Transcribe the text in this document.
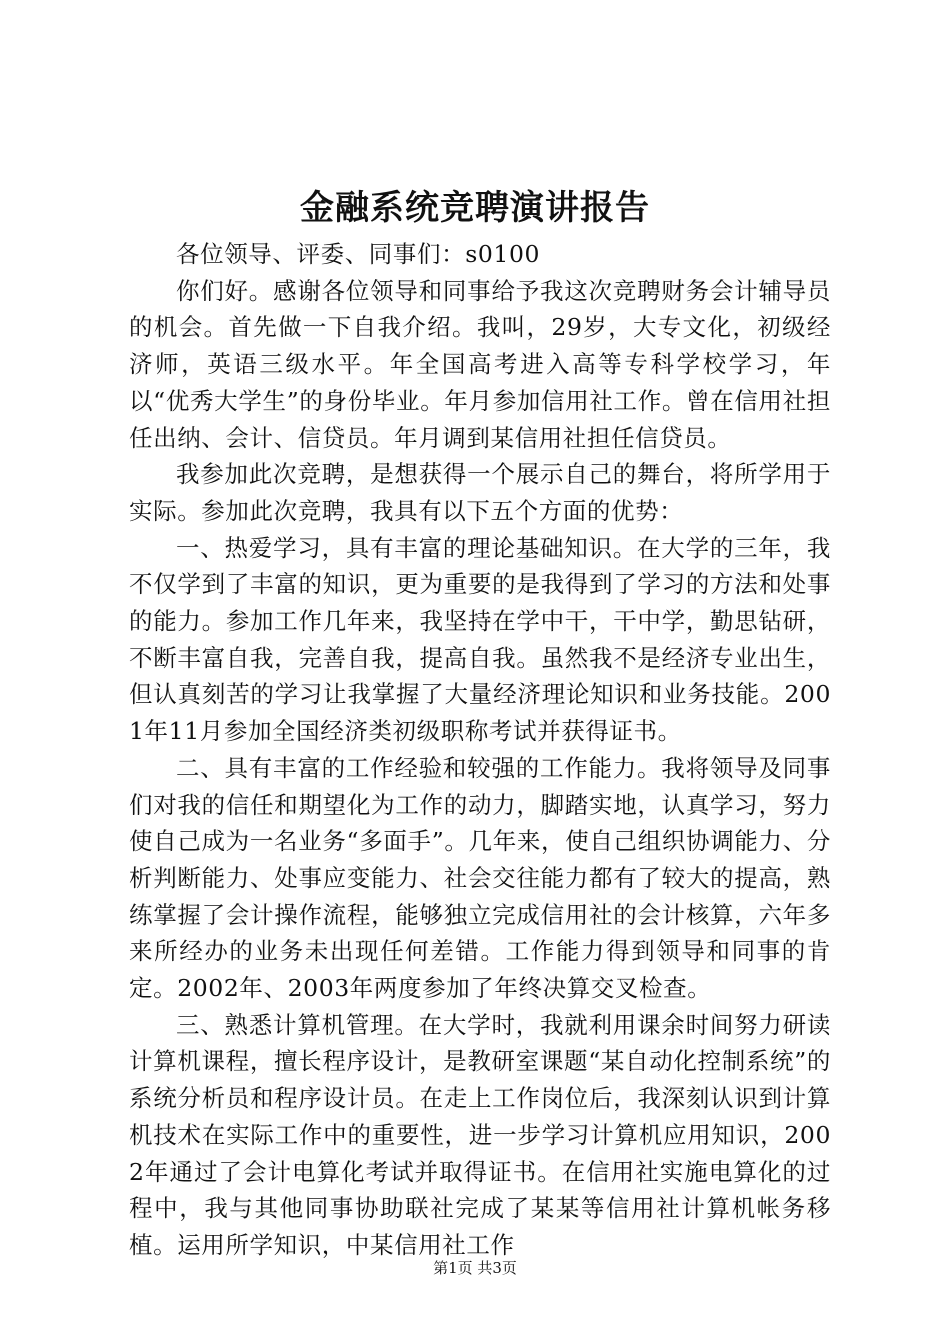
金融系统竞聘演讲报告

各位领导、评委、同事们：s0100

你们好。感谢各位领导和同事给予我这次竞聘财务会计辅导员的机会。首先做一下自我介绍。我叫，29岁，大专文化，初级经济师，英语三级水平。年全国高考进入高等专科学校学习，年以“优秀大学生”的身份毕业。年月参加信用社工作。曾在信用社担任出纳、会计、信贷员。年月调到某信用社担任信贷员。

我参加此次竞聘，是想获得一个展示自己的舞台，将所学用于实际。参加此次竞聘，我具有以下五个方面的优势：

一、热爱学习，具有丰富的理论基础知识。在大学的三年，我不仅学到了丰富的知识，更为重要的是我得到了学习的方法和处事的能力。参加工作几年来，我坚持在学中干，干中学，勤思钻研，不断丰富自我，完善自我，提高自我。虽然我不是经济专业出生，但认真刻苦的学习让我掌握了大量经济理论知识和业务技能。2001年11月参加全国经济类初级职称考试并获得证书。

二、具有丰富的工作经验和较强的工作能力。我将领导及同事们对我的信任和期望化为工作的动力，脚踏实地，认真学习，努力使自己成为一名业务“多面手”。几年来，使自己组织协调能力、分析判断能力、处事应变能力、社会交往能力都有了较大的提高，熟练掌握了会计操作流程，能够独立完成信用社的会计核算，六年多来所经办的业务未出现任何差错。工作能力得到领导和同事的肯定。2002年、2003年两度参加了年终决算交叉检查。

三、熟悉计算机管理。在大学时，我就利用课余时间努力研读计算机课程，擅长程序设计，是教研室课题“某自动化控制系统”的系统分析员和程序设计员。在走上工作岗位后，我深刻认识到计算机技术在实际工作中的重要性，进一步学习计算机应用知识，2002年通过了会计电算化考试并取得证书。在信用社实施电算化的过程中，我与其他同事协助联社完成了某某等信用社计算机帐务移植。运用所学知识，中某信用社工作

第1页 共3页
